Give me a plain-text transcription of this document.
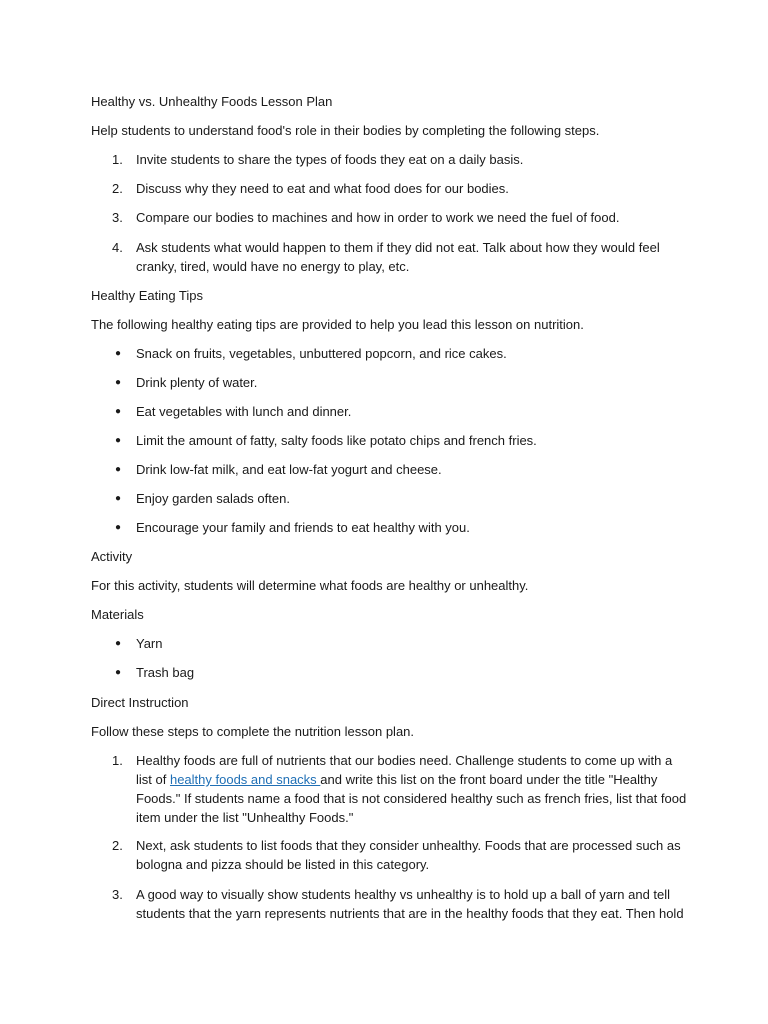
Healthy vs. Unhealthy Foods Lesson Plan
Help students to understand food's role in their bodies by completing the following steps.
1. Invite students to share the types of foods they eat on a daily basis.
2. Discuss why they need to eat and what food does for our bodies.
3. Compare our bodies to machines and how in order to work we need the fuel of food.
4. Ask students what would happen to them if they did not eat. Talk about how they would feel
cranky, tired, would have no energy to play, etc.
Healthy Eating Tips
The following healthy eating tips are provided to help you lead this lesson on nutrition.
● Snack on fruits, vegetables, unbuttered popcorn, and rice cakes.
● Drink plenty of water.
● Eat vegetables with lunch and dinner.
● Limit the amount of fatty, salty foods like potato chips and french fries.
● Drink low-fat milk, and eat low-fat yogurt and cheese.
● Enjoy garden salads often.
● Encourage your family and friends to eat healthy with you.
Activity
For this activity, students will determine what foods are healthy or unhealthy.
Materials
● Yarn
● Trash bag
Direct Instruction
Follow these steps to complete the nutrition lesson plan.
1. Healthy foods are full of nutrients that our bodies need. Challenge students to come up with a
list of healthy foods and snacks and write this list on the front board under the title "Healthy
Foods." If students name a food that is not considered healthy such as french fries, list that food
item under the list "Unhealthy Foods."
2. Next, ask students to list foods that they consider unhealthy. Foods that are processed such as
bologna and pizza should be listed in this category.
3. A good way to visually show students healthy vs unhealthy is to hold up a ball of yarn and tell
students that the yarn represents nutrients that are in the healthy foods that they eat. Then hold
